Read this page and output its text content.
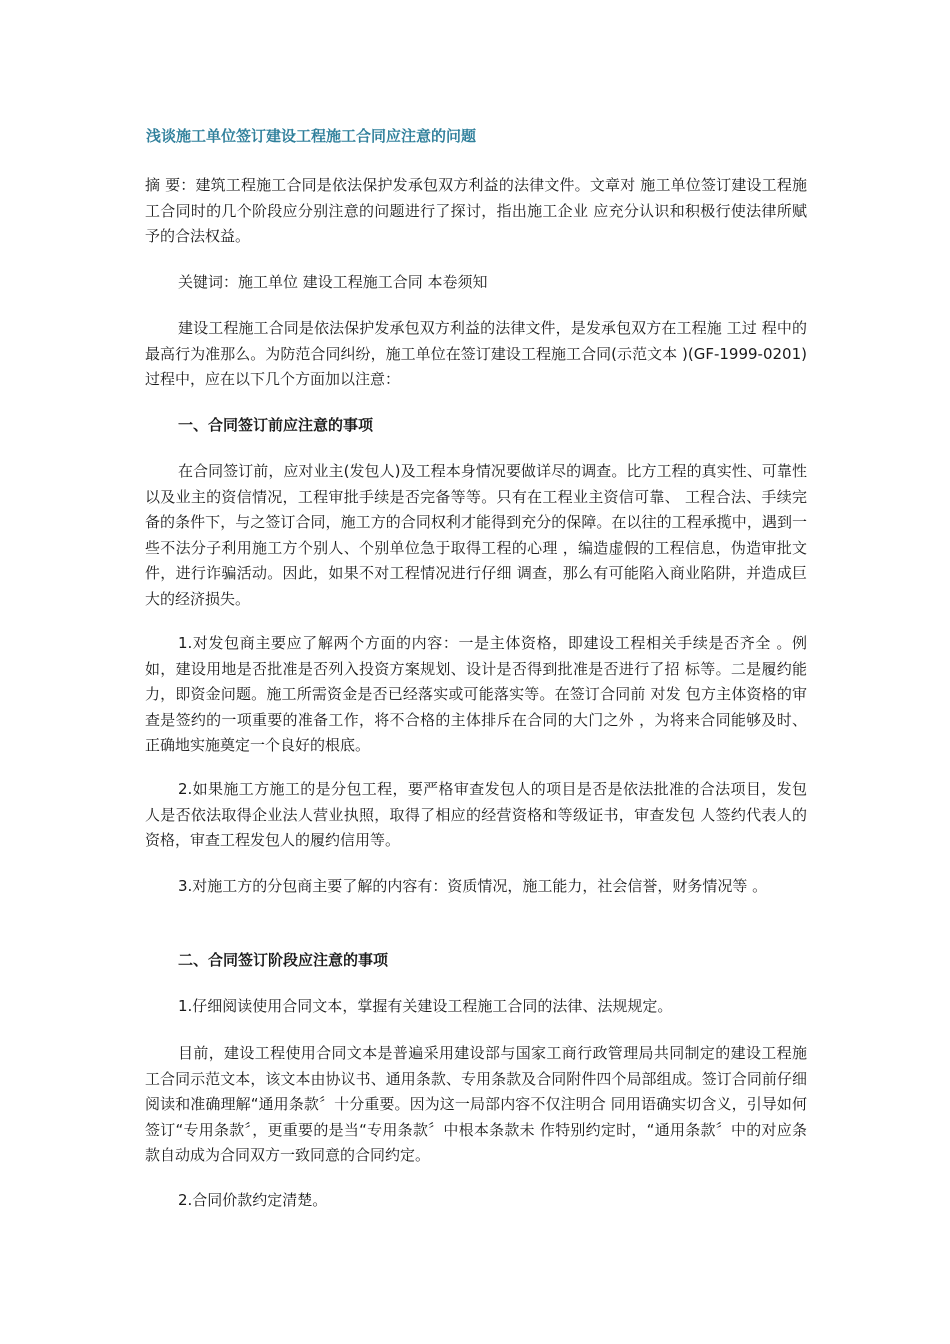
浅谈施工单位签订建设工程施工合同应注意的问题

摘 要：建筑工程施工合同是依法保护发承包双方利益的法律文件。文章对 施工单位签订建设工程施工合同时的几个阶段应分别注意的问题进行了探讨，指出施工企业 应充分认识和积极行使法律所赋予的合法权益。

关键词：施工单位 建设工程施工合同 本卷须知

建设工程施工合同是依法保护发承包双方利益的法律文件，是发承包双方在工程施 工过 程中的最高行为准那么。为防范合同纠纷，施工单位在签订建设工程施工合同(示范文本 )(GF-1999-0201)过程中，应在以下几个方面加以注意：

一、合同签订前应注意的事项

在合同签订前，应对业主(发包人)及工程本身情况要做详尽的调查。比方工程的真实性、可靠性以及业主的资信情况，工程审批手续是否完备等等。只有在工程业主资信可靠、 工程合法、手续完备的条件下，与之签订合同，施工方的合同权利才能得到充分的保障。在以往的工程承揽中，遇到一些不法分子利用施工方个别人、个别单位急于取得工程的心理 ，编造虚假的工程信息，伪造审批文件，进行诈骗活动。因此，如果不对工程情况进行仔细 调查，那么有可能陷入商业陷阱，并造成巨大的经济损失。

1.对发包商主要应了解两个方面的内容：一是主体资格，即建设工程相关手续是否齐全 。例如，建设用地是否批准是否列入投资方案规划、设计是否得到批准是否进行了招 标等。二是履约能力，即资金问题。施工所需资金是否已经落实或可能落实等。在签订合同前 对发 包方主体资格的审查是签约的一项重要的准备工作，将不合格的主体排斥在合同的大门之外 ，为将来合同能够及时、正确地实施奠定一个良好的根底。

2.如果施工方施工的是分包工程，要严格审查发包人的项目是否是依法批准的合法项目，发包人是否依法取得企业法人营业执照，取得了相应的经营资格和等级证书，审查发包 人签约代表人的资格，审查工程发包人的履约信用等。

3.对施工方的分包商主要了解的内容有：资质情况，施工能力，社会信誉，财务情况等 。

二、合同签订阶段应注意的事项

1.仔细阅读使用合同文本，掌握有关建设工程施工合同的法律、法规规定。

目前，建设工程使用合同文本是普遍采用建设部与国家工商行政管理局共同制定的建设工程施工合同示范文本，该文本由协议书、通用条款、专用条款及合同附件四个局部组成。签订合同前仔细阅读和准确理解“通用条款〞十分重要。因为这一局部内容不仅注明合 同用语确实切含义，引导如何签订“专用条款〞，更重要的是当“专用条款〞中根本条款未 作特别约定时，“通用条款〞中的对应条款自动成为合同双方一致同意的合同约定。

2.合同价款约定清楚。
